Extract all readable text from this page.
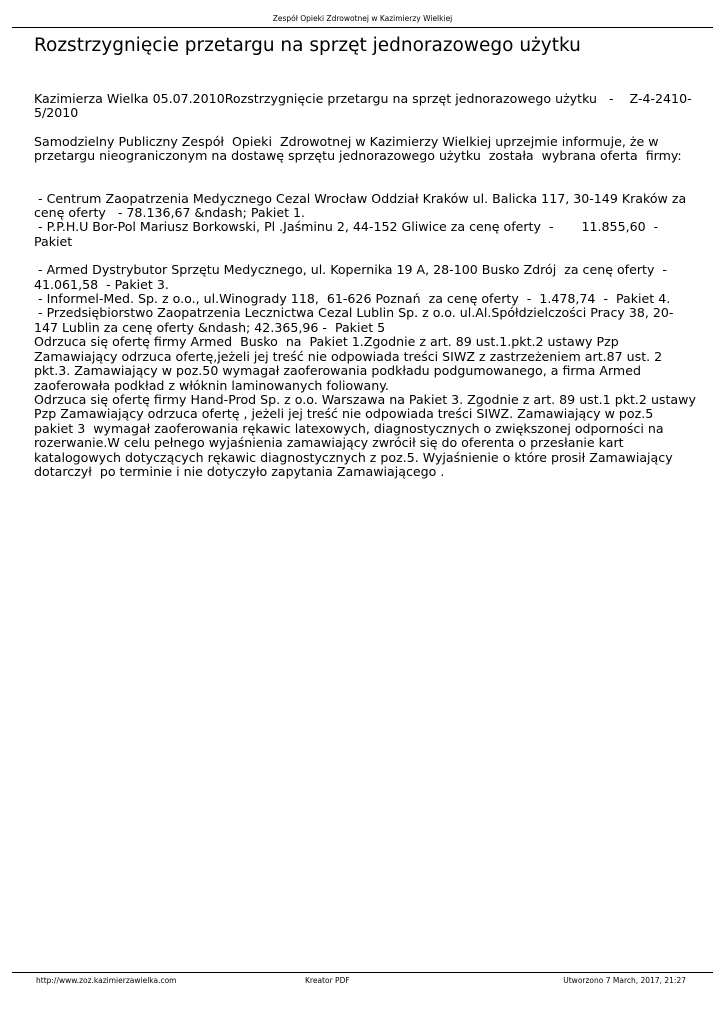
Zespół Opieki Zdrowotnej w Kazimierzy Wielkiej
Rozstrzygnięcie przetargu na sprzęt jednorazowego użytku

Kazimierza Wielka 05.07.2010Rozstrzygnięcie przetargu na sprzęt jednorazowego użytku   -    Z-4-2410-5/2010

Samodzielny Publiczny Zespół  Opieki  Zdrowotnej w Kazimierzy Wielkiej uprzejmie informuje, że w przetargu nieograniczonym na dostawę sprzętu jednorazowego użytku  została  wybrana oferta  firmy:

- Centrum Zaopatrzenia Medycznego Cezal Wrocław Oddział Kraków ul. Balicka 117, 30-149 Kraków za cenę oferty   - 78.136,67 &ndash; Pakiet 1.

- P.P.H.U Bor-Pol Mariusz Borkowski, Pl .Jaśminu 2, 44-152 Gliwice za cenę oferty  -       11.855,60  - Pakiet

- Armed Dystrybutor Sprzętu Medycznego, ul. Kopernika 19 A, 28-100 Busko Zdrój  za cenę oferty  - 41.061,58  - Pakiet 3.

- Informel-Med. Sp. z o.o., ul.Winogrady 118,  61-626 Poznań  za cenę oferty  -  1.478,74  -  Pakiet 4.

- Przedsiębiorstwo Zaopatrzenia Lecznictwa Cezal Lublin Sp. z o.o. ul.Al.Spółdzielczości Pracy 38, 20-147 Lublin za cenę oferty &ndash; 42.365,96 -  Pakiet 5

Odrzuca się ofertę firmy Armed  Busko  na  Pakiet 1.Zgodnie z art. 89 ust.1.pkt.2 ustawy Pzp Zamawiający odrzuca ofertę,jeżeli jej treść nie odpowiada treści SIWZ z zastrzeżeniem art.87 ust. 2 pkt.3. Zamawiający w poz.50 wymagał zaoferowania podkładu podgumowanego, a firma Armed zaoferowała podkład z włóknin laminowanych foliowany.

Odrzuca się ofertę firmy Hand-Prod Sp. z o.o. Warszawa na Pakiet 3. Zgodnie z art. 89 ust.1 pkt.2 ustawy Pzp Zamawiający odrzuca ofertę , jeżeli jej treść nie odpowiada treści SIWZ. Zamawiający w poz.5 pakiet 3  wymagał zaoferowania rękawic latexowych, diagnostycznych o zwiększonej odporności na rozerwanie.W celu pełnego wyjaśnienia zamawiający zwrócił się do oferenta o przesłanie kart katalogowych dotyczących rękawic diagnostycznych z poz.5. Wyjaśnienie o które prosił Zamawiający dotarczył  po terminie i nie dotyczyło zapytania Zamawiającego .

http://www.zoz.kazimierzawielka.com	Kreator PDF	Utworzono 7 March, 2017, 21:27
